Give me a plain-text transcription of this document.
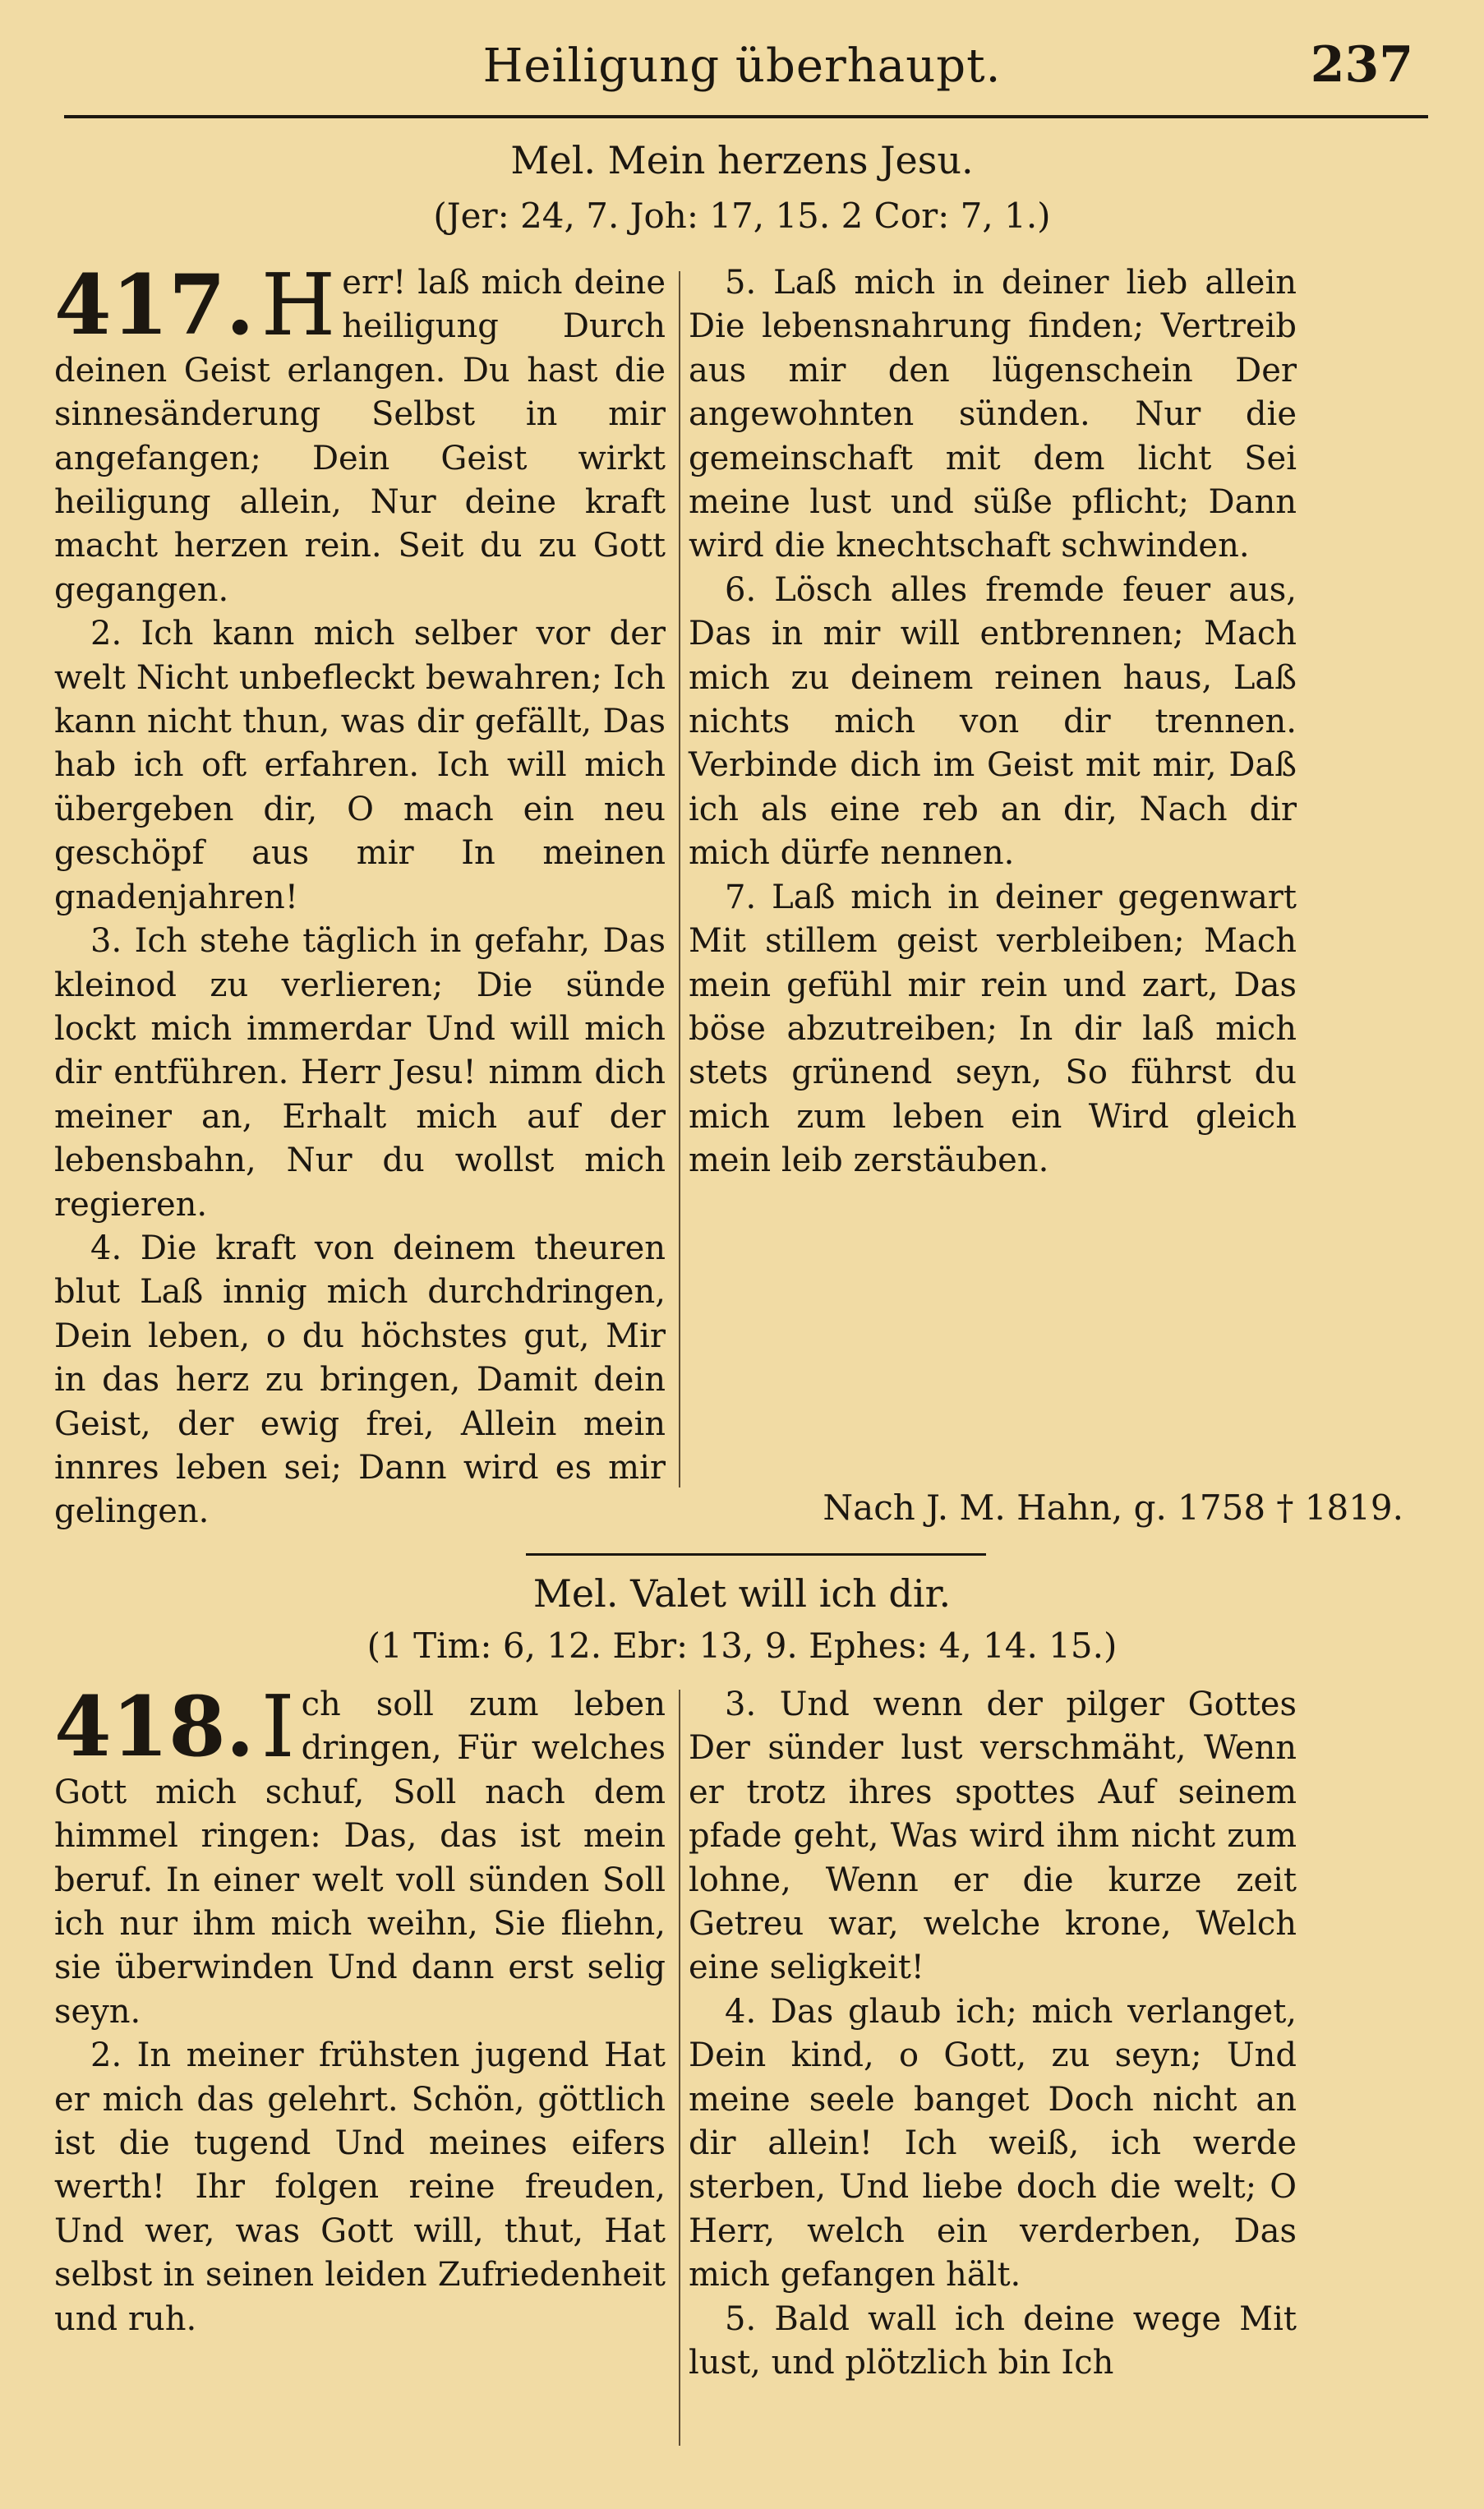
Heiligung überhaupt.	237
Mel. Mein herzens Jesu.
(Jer: 24, 7. Joh: 17, 15. 2 Cor: 7, 1.)

417. H err! laß mich deine heiligung Durch deinen Geist erlangen. Du hast die sinnesänderung Selbst in mir angefangen; Dein Geist wirkt heiligung allein, Nur deine kraft macht herzen rein. Seit du zu Gott gegangen.

2. Ich kann mich selber vor der welt Nicht unbefleckt bewahren; Ich kann nicht thun, was dir gefällt, Das hab ich oft erfahren. Ich will mich übergeben dir, O mach ein neu geschöpf aus mir In meinen gnadenjahren!

3. Ich stehe täglich in gefahr, Das kleinod zu verlieren; Die sünde lockt mich immerdar Und will mich dir entführen. Herr Jesu! nimm dich meiner an, Erhalt mich auf der lebensbahn, Nur du wollst mich regieren.

4. Die kraft von deinem theuren blut Laß innig mich durchdringen, Dein leben, o du höchstes gut, Mir in das herz zu bringen, Damit dein Geist, der ewig frei, Allein mein innres leben sei; Dann wird es mir gelingen.

5. Laß mich in deiner lieb allein Die lebensnahrung finden; Vertreib aus mir den lügenschein Der angewohnten sünden. Nur die gemeinschaft mit dem licht Sei meine lust und süße pflicht; Dann wird die knechtschaft schwinden.

6. Lösch alles fremde feuer aus, Das in mir will entbrennen; Mach mich zu deinem reinen haus, Laß nichts mich von dir trennen. Verbinde dich im Geist mit mir, Daß ich als eine reb an dir, Nach dir mich dürfe nennen.

7. Laß mich in deiner gegenwart Mit stillem geist verbleiben; Mach mein gefühl mir rein und zart, Das böse abzutreiben; In dir laß mich stets grünend seyn, So führst du mich zum leben ein Wird gleich mein leib zerstäuben.

Nach J. M. Hahn, g. 1758 † 1819.
Mel. Valet will ich dir.
(1 Tim: 6, 12. Ebr: 13, 9. Ephes: 4, 14. 15.)

418. I ch soll zum leben dringen, Für welches Gott mich schuf, Soll nach dem himmel ringen: Das, das ist mein beruf. In einer welt voll sünden Soll ich nur ihm mich weihn, Sie fliehn, sie überwinden Und dann erst selig seyn.

2. In meiner frühsten jugend Hat er mich das gelehrt. Schön, göttlich ist die tugend Und meines eifers werth! Ihr folgen reine freuden, Und wer, was Gott will, thut, Hat selbst in seinen leiden Zufriedenheit und ruh.

3. Und wenn der pilger Gottes Der sünder lust verschmäht, Wenn er trotz ihres spottes Auf seinem pfade geht, Was wird ihm nicht zum lohne, Wenn er die kurze zeit Getreu war, welche krone, Welch eine seligkeit!

4. Das glaub ich; mich verlanget, Dein kind, o Gott, zu seyn; Und meine seele banget Doch nicht an dir allein! Ich weiß, ich werde sterben, Und liebe doch die welt; O Herr, welch ein verderben, Das mich gefangen hält.

5. Bald wall ich deine wege Mit lust, und plötzlich bin Ich
